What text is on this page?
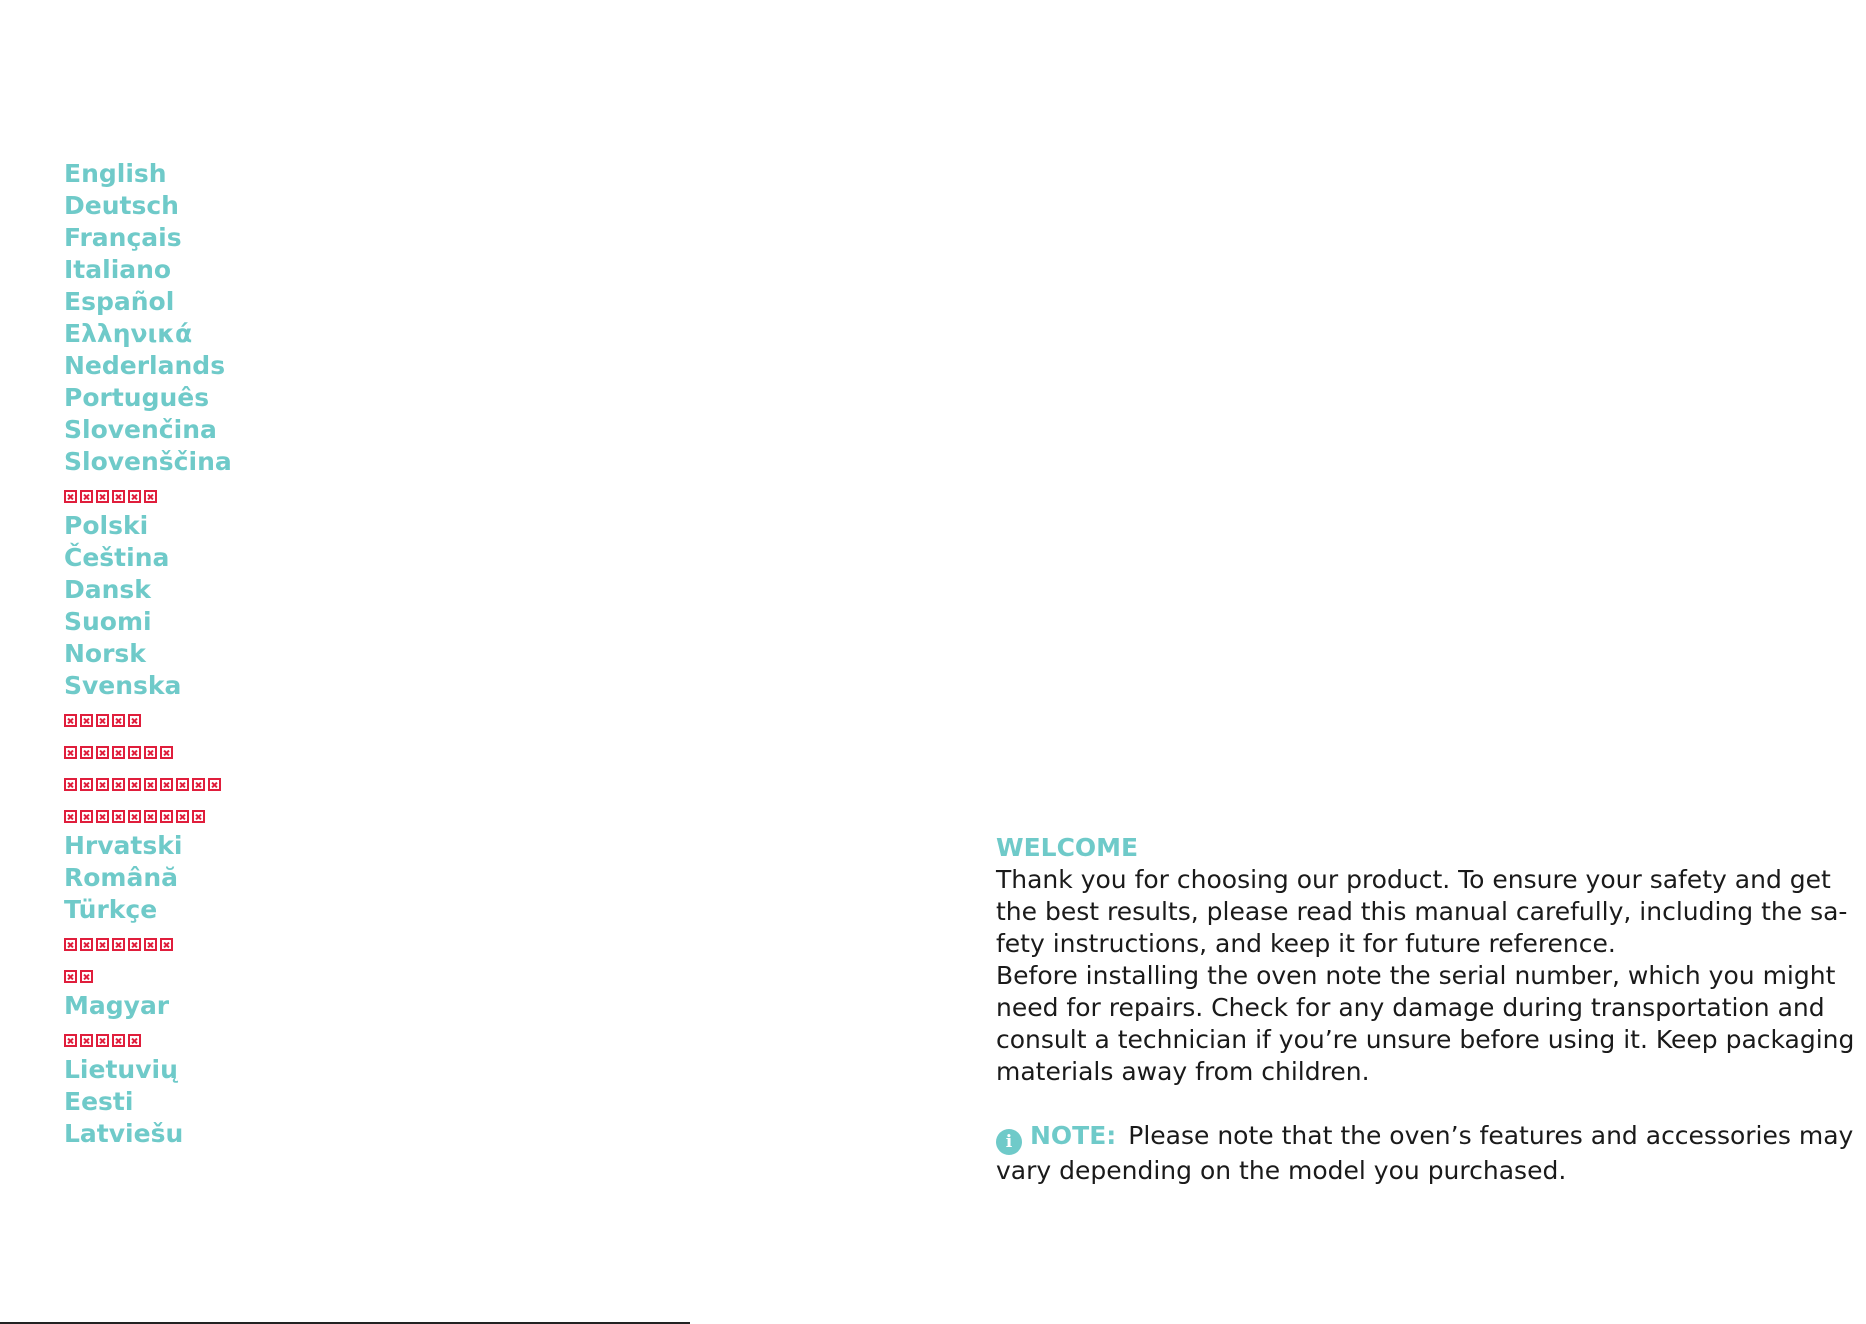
English
Deutsch
Français
Italiano
Español
Ελληνικά
Nederlands
Português
Slovenčina
Slovenščina
Polski
Čeština
Dansk
Suomi
Norsk
Svenska
Hrvatski
Română
Türkçe
Magyar
Lietuvių
Eesti
Latviešu
WELCOME

Thank you for choosing our product. To ensure your safety and get
the best results, please read this manual carefully, including the sa-
fety instructions, and keep it for future reference.

Before installing the oven note the serial number, which you might
need for repairs. Check for any damage during transportation and
consult a technician if you’re unsure before using it. Keep packaging
materials away from children.

i NOTE: Please note that the oven’s features and accessories may
vary depending on the model you purchased.
